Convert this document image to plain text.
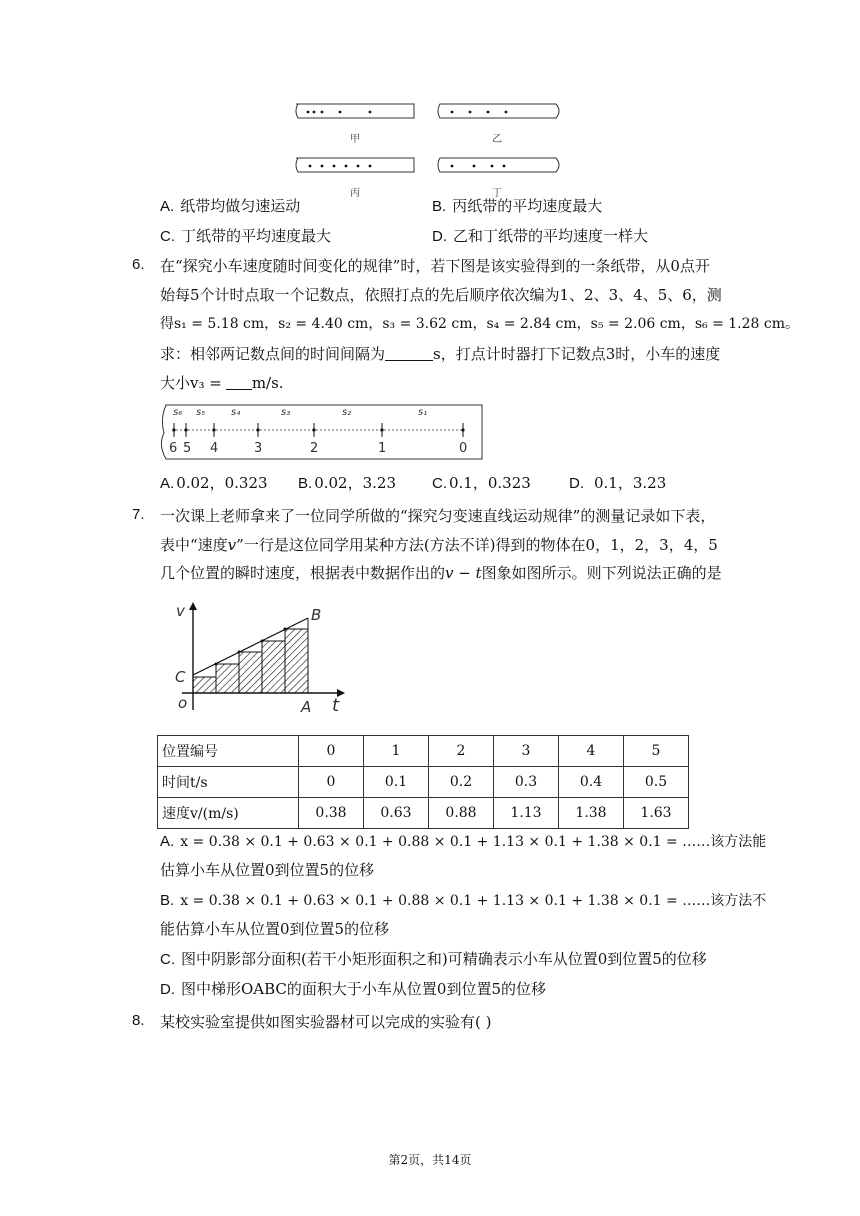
甲	乙
丙	丁
A. 纸带均做匀速运动	B. 丙纸带的平均速度最大
C. 丁纸带的平均速度最大	D. 乙和丁纸带的平均速度一样大
6. 在“探究小车速度随时间变化的规律”时，若下图是该实验得到的一条纸带，从0点开
始每5个计时点取一个记数点，依照打点的先后顺序依次编为1、2、3、4、5、6，测
得s₁ = 5.18 cm，s₂ = 4.40 cm，s₃ = 3.62 cm，s₄ = 2.84 cm，s₅ = 2.06 cm，s₆ = 1.28 cm。
求：相邻两记数点间的时间间隔为	s，打点计时器打下记数点3时，小车的速度
大小v₃ = m/s.
s₆ s₅	s₄	s₃	s₂	s₁
6 5 4	3	2	1	0
A. 0.02，0.323 B. 0.02，3.23 C. 0.1，0.323	D. 0.1，3.23
7. 一次课上老师拿来了一位同学所做的“探究匀变速直线运动规律”的测量记录如下表，
表中“速度v”一行是这位同学用某种方法(方法不详)得到的物体在0，1，2，3，4，5
几个位置的瞬时速度，根据表中数据作出的v − t图象如图所示。则下列说法正确的是
v
t
o	A
B
C
位置编号	0	1	2	3	4	5
时间t/s	0	0.1	0.2	0.3	0.4	0.5
速度v/(m/s)	0.38	0.63	0.88	1.13	1.38	1.63
A. x = 0.38 × 0.1 + 0.63 × 0.1 + 0.88 × 0.1 + 1.13 × 0.1 + 1.38 × 0.1 = ……该方法能
估算小车从位置0到位置5的位移
B. x = 0.38 × 0.1 + 0.63 × 0.1 + 0.88 × 0.1 + 1.13 × 0.1 + 1.38 × 0.1 = ……该方法不
能估算小车从位置0到位置5的位移
C. 图中阴影部分面积(若干小矩形面积之和)可精确表示小车从位置0到位置5的位移
D. 图中梯形OABC的面积大于小车从位置0到位置5的位移
8. 某校实验室提供如图实验器材可以完成的实验有( )
第2页，共14页
